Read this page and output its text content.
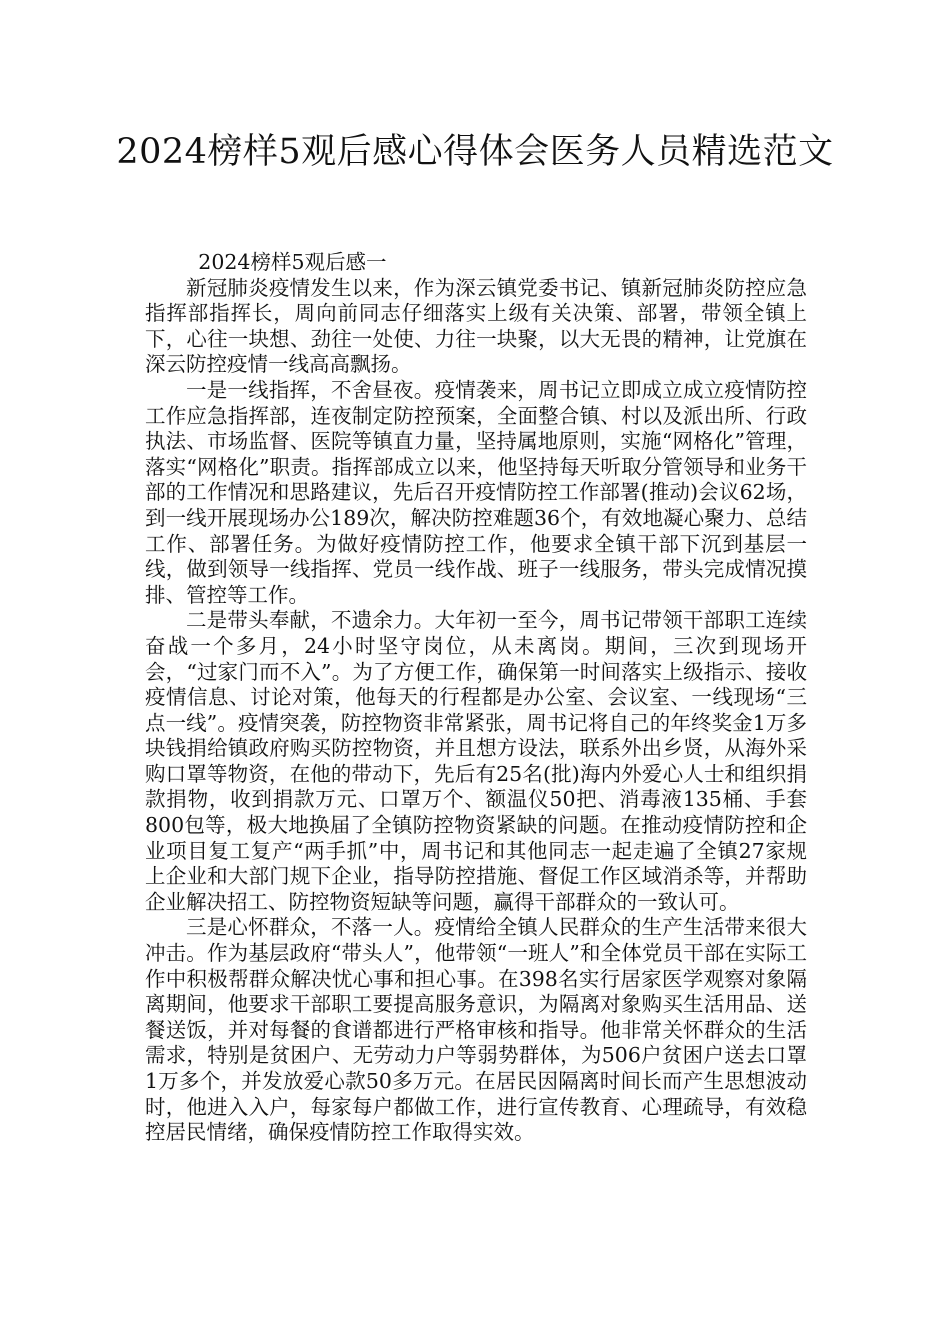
2024榜样5观后感心得体会医务人员精选范文
2024榜样5观后感一

新冠肺炎疫情发生以来，作为深云镇党委书记、镇新冠肺炎防控应急指挥部指挥长，周向前同志仔细落实上级有关决策、部署，带领全镇上下，心往一块想、劲往一处使、力往一块聚，以大无畏的精神，让党旗在深云防控疫情一线高高飘扬。

一是一线指挥，不舍昼夜。疫情袭来，周书记立即成立成立疫情防控工作应急指挥部，连夜制定防控预案，全面整合镇、村以及派出所、行政执法、市场监督、医院等镇直力量，坚持属地原则，实施“网格化”管理，落实“网格化”职责。指挥部成立以来，他坚持每天听取分管领导和业务干部的工作情况和思路建议，先后召开疫情防控工作部署(推动)会议62场，到一线开展现场办公189次，解决防控难题36个，有效地凝心聚力、总结工作、部署任务。为做好疫情防控工作，他要求全镇干部下沉到基层一线，做到领导一线指挥、党员一线作战、班子一线服务，带头完成情况摸排、管控等工作。

二是带头奉献，不遗余力。大年初一至今，周书记带领干部职工连续奋战一个多月，24小时坚守岗位，从未离岗。期间，三次到现场开会，“过家门而不入”。为了方便工作，确保第一时间落实上级指示、接收疫情信息、讨论对策，他每天的行程都是办公室、会议室、一线现场“三点一线”。疫情突袭，防控物资非常紧张，周书记将自己的年终奖金1万多块钱捐给镇政府购买防控物资，并且想方设法，联系外出乡贤，从海外采购口罩等物资，在他的带动下，先后有25名(批)海内外爱心人士和组织捐款捐物，收到捐款万元、口罩万个、额温仪50把、消毒液135桶、手套800包等，极大地换届了全镇防控物资紧缺的问题。在推动疫情防控和企业项目复工复产“两手抓”中，周书记和其他同志一起走遍了全镇27家规上企业和大部门规下企业，指导防控措施、督促工作区域消杀等，并帮助企业解决招工、防控物资短缺等问题，赢得干部群众的一致认可。

三是心怀群众，不落一人。疫情给全镇人民群众的生产生活带来很大冲击。作为基层政府“带头人”，他带领“一班人”和全体党员干部在实际工作中积极帮群众解决忧心事和担心事。在398名实行居家医学观察对象隔离期间，他要求干部职工要提高服务意识，为隔离对象购买生活用品、送餐送饭，并对每餐的食谱都进行严格审核和指导。他非常关怀群众的生活需求，特别是贫困户、无劳动力户等弱势群体，为506户贫困户送去口罩1万多个，并发放爱心款50多万元。在居民因隔离时间长而产生思想波动时，他进入入户，每家每户都做工作，进行宣传教育、心理疏导，有效稳控居民情绪，确保疫情防控工作取得实效。
